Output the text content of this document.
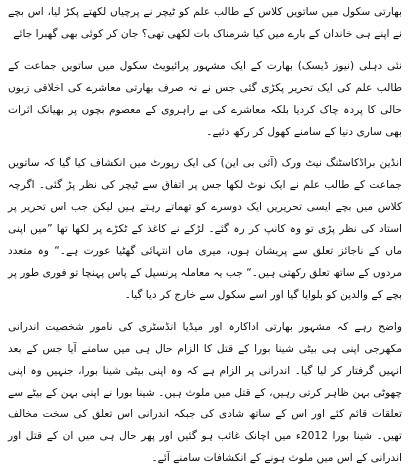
بھارتی سکول میں ساتویں کلاس کے طالب علم کو ٹیچر نے پرچیاں لکھتے پکڑ لیا، اس بچے نے اپنے ہی خاندان کے بارے میں کیا شرمناک بات لکھی تھی؟ جان کر کوئی بھی گھبرا جائے

نئی دہلی (نیوز ڈیسک) بھارت کے ایک مشہور پرائیویٹ سکول میں ساتویں جماعت کے طالب علم کی ایک تحریر پکڑی گئی جس نے نہ صرف بھارتی معاشرے کی اخلاقی زبوں حالی کا پردہ چاک کردیا بلکہ معاشرے کی بے راہروی کے معصوم بچوں پر بھیانک اثرات بھی ساری دنیا کے سامنے کھول کر رکھ دئیے۔

انڈین براڈکاسٹنگ نیٹ ورک (آئی بی این) کی ایک رپورٹ میں انکشاف کیا گیا کہ ساتویں جماعت کے طالب علم نے ایک نوٹ لکھا جس پر اتفاق سے ٹیچر کی نظر پڑ گئی۔ اگرچہ کلاس میں بچے ایسی تحریریں ایک دوسرے کو تھماتے رہتے ہیں لیکن جب اس تحریر پر استاد کی نظر پڑی تو وہ کانپ کر رہ گئے۔ لڑکے نے کاغذ کے ٹکڑے پر لکھا تھا ”میں اپنی ماں کے ناجائز تعلق سے پریشان ہوں، میری ماں انتہائی گھٹیا عورت ہے۔“ وہ متعدد مردوں کے ساتھ تعلق رکھتی ہیں۔“ جب یہ معاملہ پرنسپل کے پاس پہنچا تو فوری طور پر بچے کے والدین کو بلوایا گیا اور اسے سکول سے خارج کر دیا گیا۔

واضح رہے کہ مشہور بھارتی اداکارہ اور میڈیا انڈسٹری کی نامور شخصیت اندرانی مکھرجی اپنی ہی بیٹی شینا بورا کے قتل کا الزام حال ہی میں سامنے آیا جس کے بعد انہیں گرفتار کر لیا گیا۔ اندرانی پر الزام ہے کہ وہ اپنی بیٹی شینا بورا، جنہیں وہ اپنی چھوٹی بہن ظاہر کرتی رہیں، کے قتل میں ملوث ہیں۔ شینا بورا نے اپنی بہن کے بیٹے سے تعلقات قائم کئے اور اس کے ساتھ شادی کی جبکہ اندرانی اس تعلق کی سخت مخالف تھیں۔ شینا بورا 2012ء میں اچانک غائب ہو گئیں اور پھر حال ہی میں ان کے قتل اور اندرانی کے اس میں ملوث ہونے کے انکشافات سامنے آئے۔
